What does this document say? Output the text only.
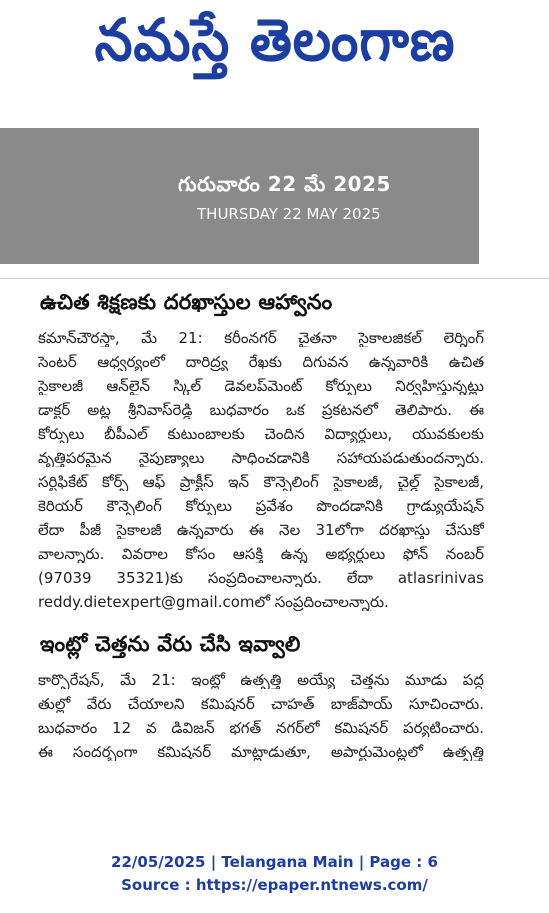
నమస్తే తెలంగాణ
గురువారం 22 మే 2025
THURSDAY 22 MAY 2025
ఉచిత శిక్షణకు దరఖాస్తుల ఆహ్వానం
కమాన్‌చౌరస్తా, మే 21: కరీంనగర్ చైతనా సైకాలజికల్ లెర్నింగ్
సెంటర్ ఆధ్వర్యంలో దారిద్ర్య రేఖకు దిగువన ఉన్నవారికి ఉచిత
సైకాలజీ ఆన్‌లైన్ స్కిల్ డెవలప్‌మెంట్ కోర్సులు నిర్వహిస్తున్నట్లు
డాక్టర్ అట్ల శ్రీనివాస్‌రెడ్డి బుధవారం ఒక ప్రకటనలో తెలిపారు. ఈ
కోర్సులు బీపీఎల్ కుటుంబాలకు చెందిన విద్యార్థులు, యువకులకు
వృత్తిపరమైన నైపుణ్యాలు సాధించడానికి సహాయపడుతుందన్నారు.
సర్టిఫికేట్ కోర్స్ ఆఫ్ ప్రాక్టీస్ ఇన్ కౌన్సెలింగ్ సైకాలజీ, చైల్డ్ సైకాలజీ,
కెరియర్ కౌన్సెలింగ్ కోర్సులు ప్రవేశం పొందడానికి గ్రాడ్యుయేషన్
లేదా పీజీ సైకాలజీ ఉన్నవారు ఈ నెల 31లోగా దరఖాస్తు చేసుకో
వాలన్నారు. వివరాల కోసం ఆసక్తి ఉన్న అభ్యర్థులు ఫోన్ నంబర్
(97039 35321)కు సంప్రదించాలన్నారు. లేదా atlasrinivas
reddy.dietexpert@gmail.comలో సంప్రదించాలన్నారు.
ఇంట్లో చెత్తను వేరు చేసి ఇవ్వాలి
కార్పొరేషన్, మే 21: ఇంట్లో ఉత్పత్తి అయ్యే చెత్తను మూడు పద్ధ
తుల్లో వేరు చేయాలని కమిషనర్ చాహత్ బాజ్‌పాయ్ సూచించారు.
బుధవారం 12 వ డివిజన్ భగత్ నగర్‌లో కమిషనర్ పర్యటించారు.
ఈ సందర్భంగా కమిషనర్ మాట్లాడుతూ, అపార్టుమెంట్లలో ఉత్పత్తి
22/05/2025 | Telangana Main | Page : 6
Source : https://epaper.ntnews.com/
